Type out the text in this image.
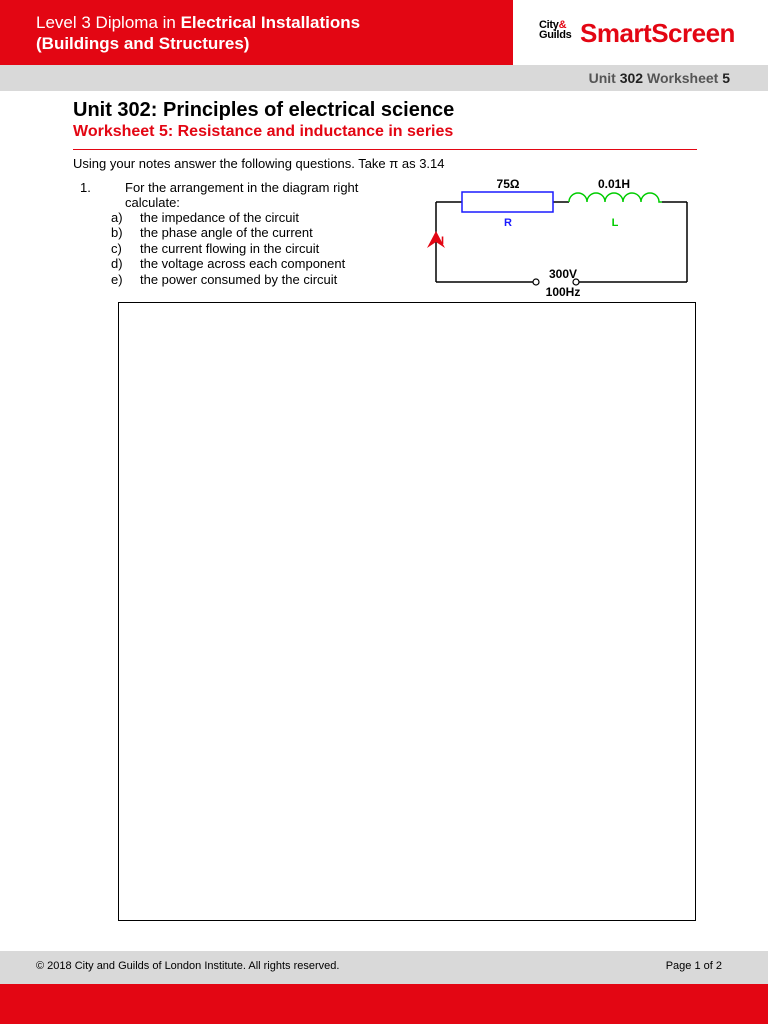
Level 3 Diploma in Electrical Installations
(Buildings and Structures)
City&
Guilds SmartScreen
Unit 302 Worksheet 5
Unit 302: Principles of electrical science
Worksheet 5: Resistance and inductance in series
Using your notes answer the following questions. Take π as 3.14
1.	For the arrangement in the diagram right calculate:
a) the impedance of the circuit
b) the phase angle of the current
c) the current flowing in the circuit
d) the voltage across each component
e) the power consumed by the circuit
75Ω
R
0.01H
L
I
300V
100Hz
© 2018 City and Guilds of London Institute. All rights reserved.	Page 1 of 2
